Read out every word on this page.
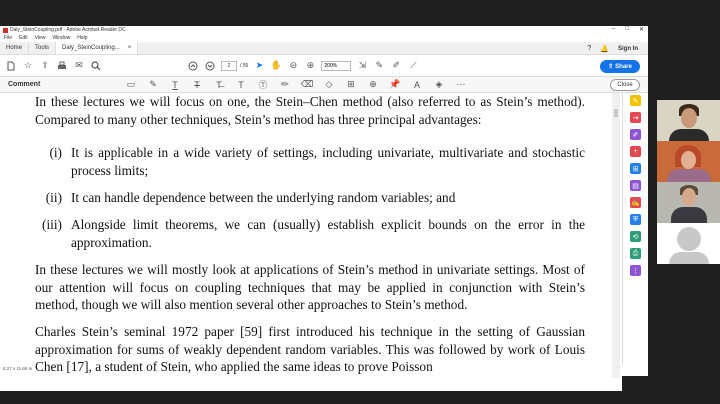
Daly_SteinCoupling.pdf - Adobe Acrobat Reader DC	– □ ✕
File Edit View Window Help
Home Tools Daly_SteinCoupling... ×	? 🔔 Sign In
☆ ⇪	✉	2	/ 55 ➤ ✋ ⊖ ⊕	200%	⇲ ✎ ✐	⟋	⇧ Share
Comment	▭ ✎ T T	T̶	T	Ⓣ ✏ ⌫ ◇ ⊞ ⊕ 📌	A	◈ ⋯	Close

In these lectures we will focus on one, the Stein–Chen method (also referred to as Stein’s method). Compared to many other techniques, Stein’s method has three principal advantages:

(i) It is applicable in a wide variety of settings, including univariate, multivariate and stochastic process limits;
(ii) It can handle dependence between the underlying random variables; and
(iii) Alongside limit theorems, we can (usually) establish explicit bounds on the error in the approximation.

In these lectures we will mostly look at applications of Stein’s method in univariate settings. Most of our attention will focus on coupling techniques that may be applied in conjunction with Stein’s method, though we will also mention several other approaches to Stein’s method.

Charles Stein’s seminal 1972 paper [59] first introduced his technique in the setting of Gaussian approximation for sums of weakly dependent random variables. This was followed by work of Louis Chen [17], a student of Stein, who applied the same ideas to prove Poisson

8.27 x 11.69 in
✎
⇥
✐
+
⊞
▤
✍
⛨
⟲
⎙
⋮
